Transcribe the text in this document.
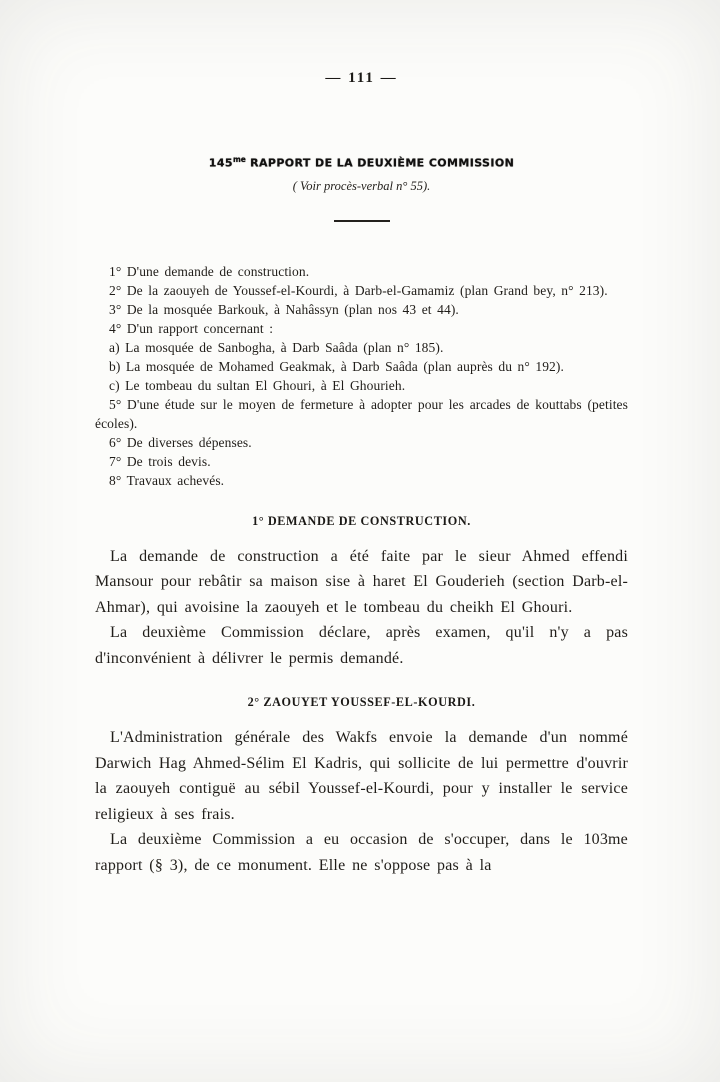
— 111 —
$145^{me}$ RAPPORT DE LA DEUXIÈME COMMISSION
( Voir procès-verbal n° 55).

1° D'une demande de construction.

2° De la zaouyeh de Youssef-el-Kourdi, à Darb-el-Gamamiz (plan Grand bey, n° 213).

3° De la mosquée Barkouk, à Nahâssyn (plan nos 43 et 44).

4° D'un rapport concernant :

a) La mosquée de Sanbogha, à Darb Saâda (plan n° 185).

b) La mosquée de Mohamed Geakmak, à Darb Saâda (plan auprès du n° 192).

c) Le tombeau du sultan El Ghouri, à El Ghourieh.

5° D'une étude sur le moyen de fermeture à adopter pour les arcades de kouttabs (petites écoles).

6° De diverses dépenses.

7° De trois devis.

8° Travaux achevés.

1° DEMANDE DE CONSTRUCTION.

La demande de construction a été faite par le sieur Ahmed effendi Mansour pour rebâtir sa maison sise à haret El Gouderieh (section Darb-el-Ahmar), qui avoisine la zaouyeh et le tombeau du cheikh El Ghouri.

La deuxième Commission déclare, après examen, qu'il n'y a pas d'inconvénient à délivrer le permis demandé.

2° ZAOUYET YOUSSEF-EL-KOURDI.

L'Administration générale des Wakfs envoie la demande d'un nommé Darwich Hag Ahmed-Sélim El Kadris, qui sollicite de lui permettre d'ouvrir la zaouyeh contiguë au sébil Youssef-el-Kourdi, pour y installer le service religieux à ses frais.

La deuxième Commission a eu occasion de s'occuper, dans le 103me rapport (§ 3), de ce monument. Elle ne s'oppose pas à la
